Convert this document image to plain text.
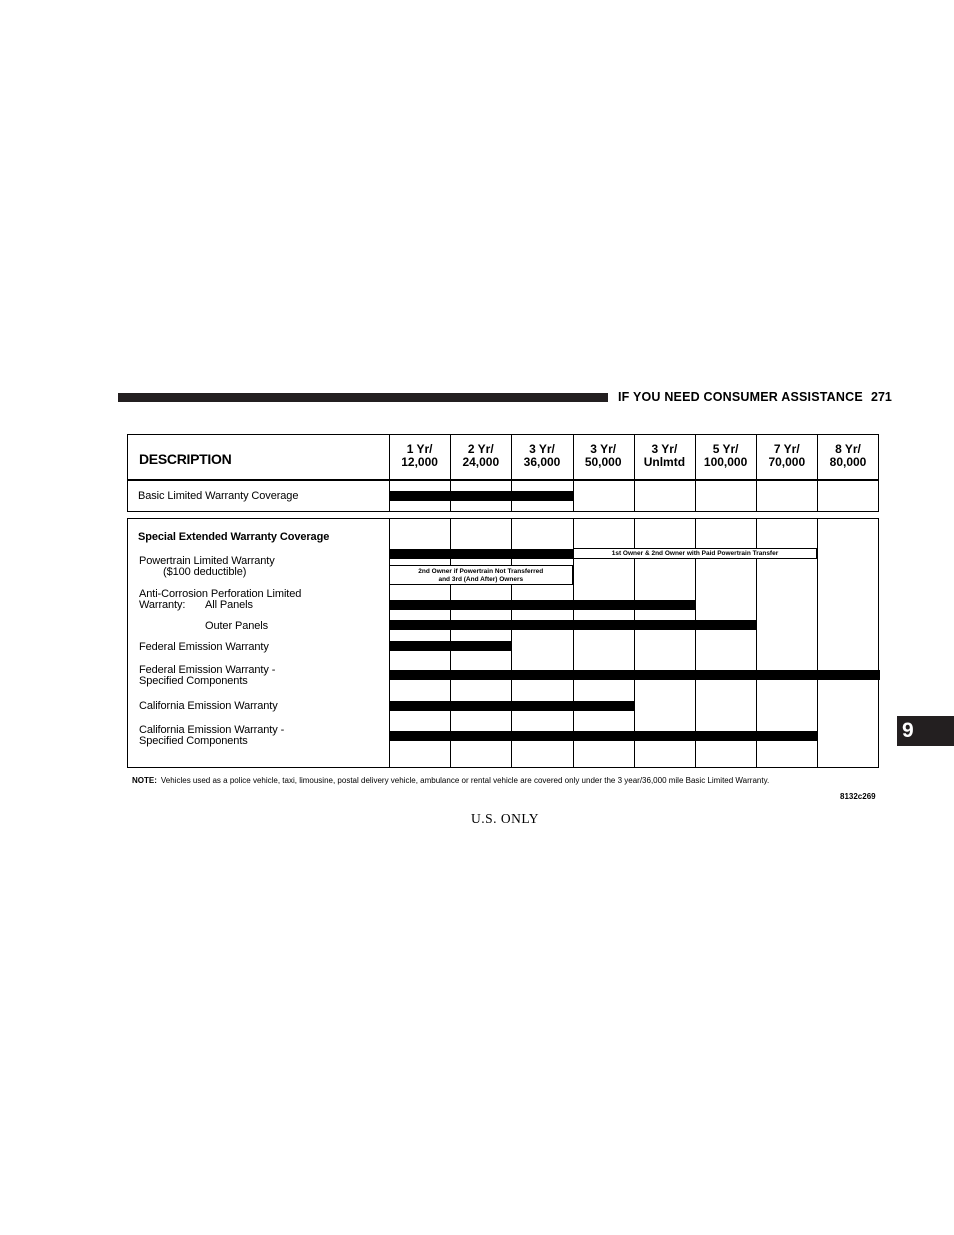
IF YOU NEED CONSUMER ASSISTANCE 271
9
DESCRIPTION
Basic Limited Warranty Coverage
Special Extended Warranty Coverage
Powertrain Limited Warranty
($100 deductible)
Anti-Corrosion Perforation Limited
Warranty: All Panels
Outer Panels
Federal Emission Warranty
Federal Emission Warranty -
Specified Components
California Emission Warranty
California Emission Warranty -
Specified Components
1 Yr/
12,000
2 Yr/
24,000
3 Yr/
36,000
3 Yr/
50,000
3 Yr/
Unlmtd
5 Yr/
100,000
7 Yr/
70,000
8 Yr/
80,000
1st Owner & 2nd Owner with Paid Powertrain Transfer
2nd Owner if Powertrain Not Transferred
and 3rd (And After) Owners
NOTE: Vehicles used as a police vehicle, taxi, limousine, postal delivery vehicle, ambulance or rental vehicle are covered only under the 3 year/36,000 mile Basic Limited Warranty.
8132c269
U.S. ONLY
